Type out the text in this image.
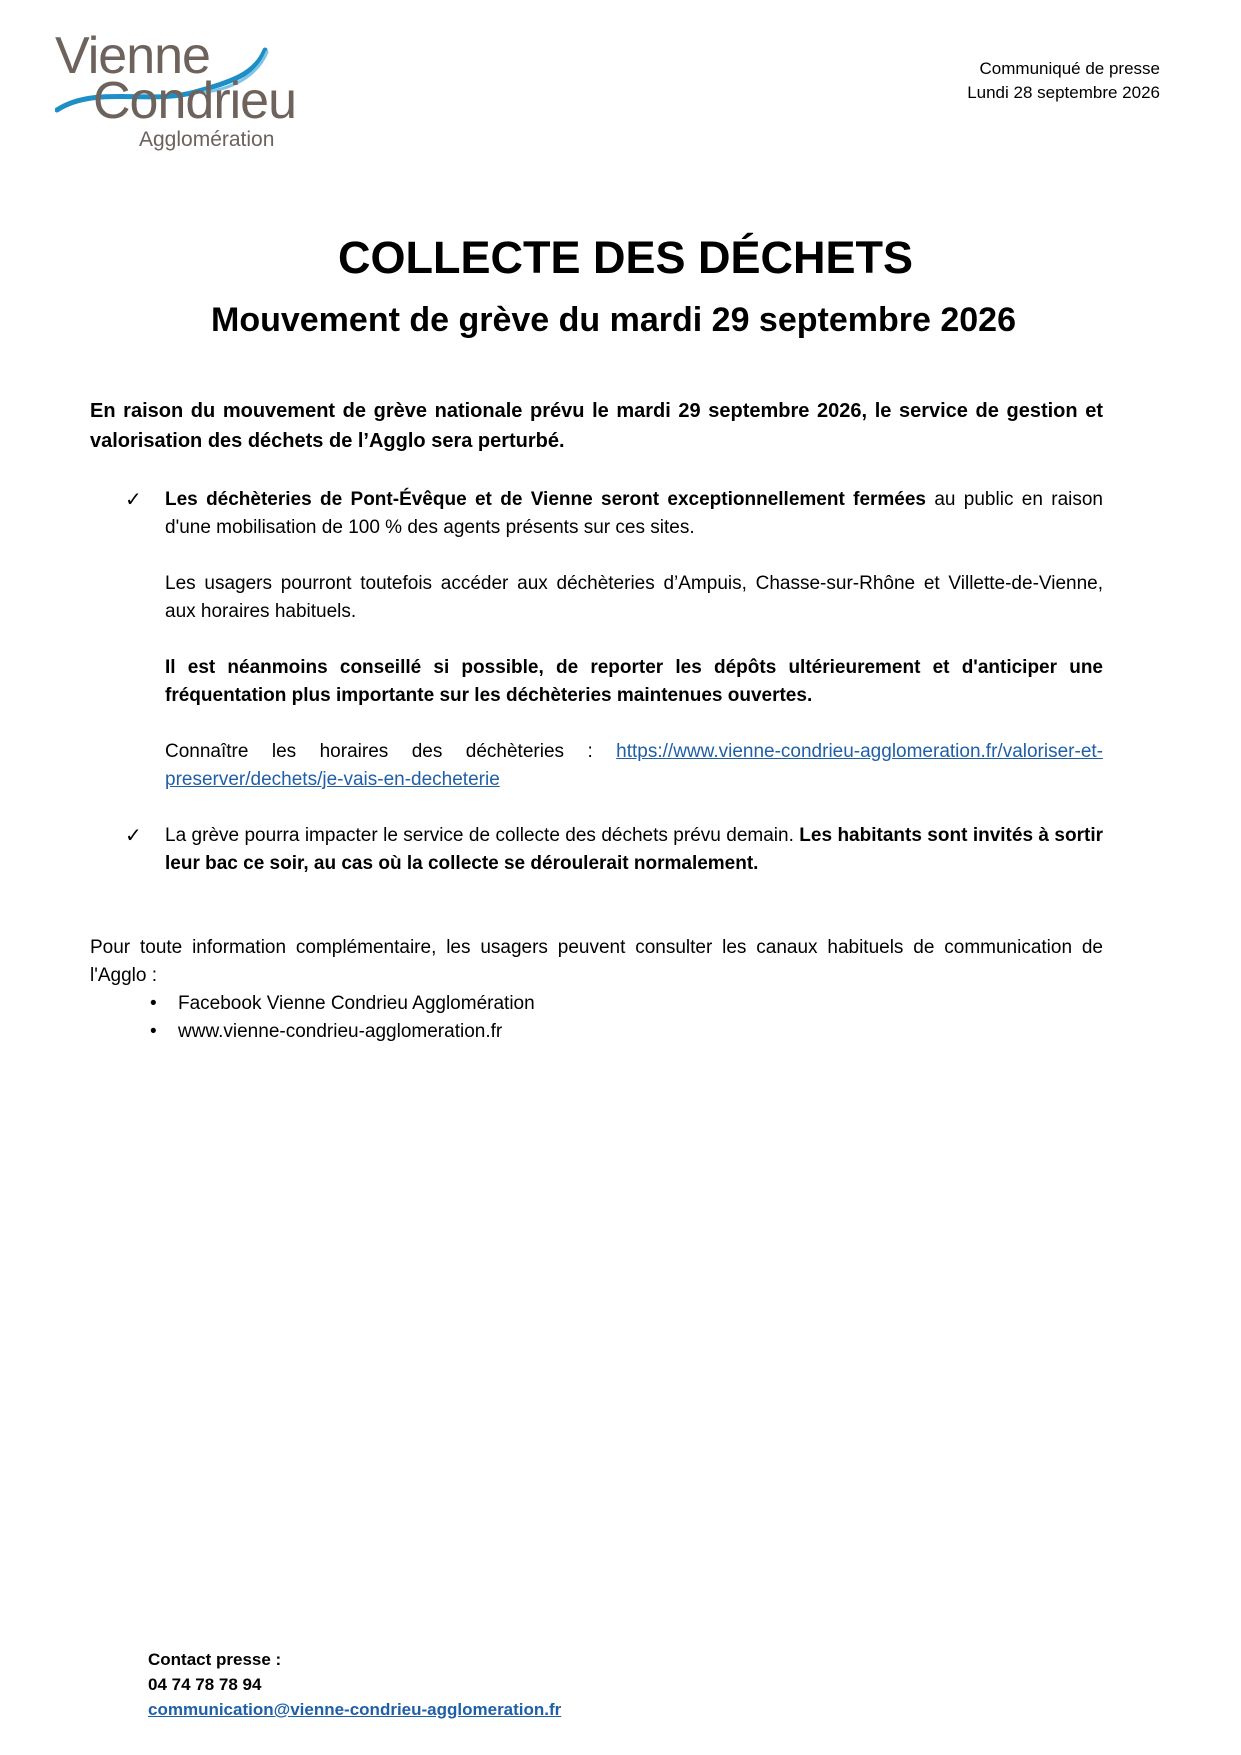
Vienne
Condrieu
Agglomération
Communiqué de presse
Lundi 28 septembre 2026
COLLECTE DES DÉCHETS
Mouvement de grève du mardi 29 septembre 2026

En raison du mouvement de grève nationale prévu le mardi 29 septembre 2026, le service de gestion et valorisation des déchets de l’Agglo sera perturbé.

✓ Les déchèteries de Pont-Évêque et de Vienne seront exceptionnellement fermées au public en raison d'une mobilisation de 100 % des agents présents sur ces sites.

Les usagers pourront toutefois accéder aux déchèteries d’Ampuis, Chasse-sur-Rhône et Villette-de-Vienne, aux horaires habituels.

Il est néanmoins conseillé si possible, de reporter les dépôts ultérieurement et d'anticiper une fréquentation plus importante sur les déchèteries maintenues ouvertes.

Connaître les horaires des déchèteries : https://www.vienne-condrieu-agglomeration.fr/valoriser-et-preserver/dechets/je-vais-en-decheterie

✓ La grève pourra impacter le service de collecte des déchets prévu demain. Les habitants sont invités à sortir leur bac ce soir, au cas où la collecte se déroulerait normalement.

Pour toute information complémentaire, les usagers peuvent consulter les canaux habituels de communication de l'Agglo :

• Facebook Vienne Condrieu Agglomération
• www.vienne-condrieu-agglomeration.fr
Contact presse :
04 74 78 78 94
communication@vienne-condrieu-agglomeration.fr
